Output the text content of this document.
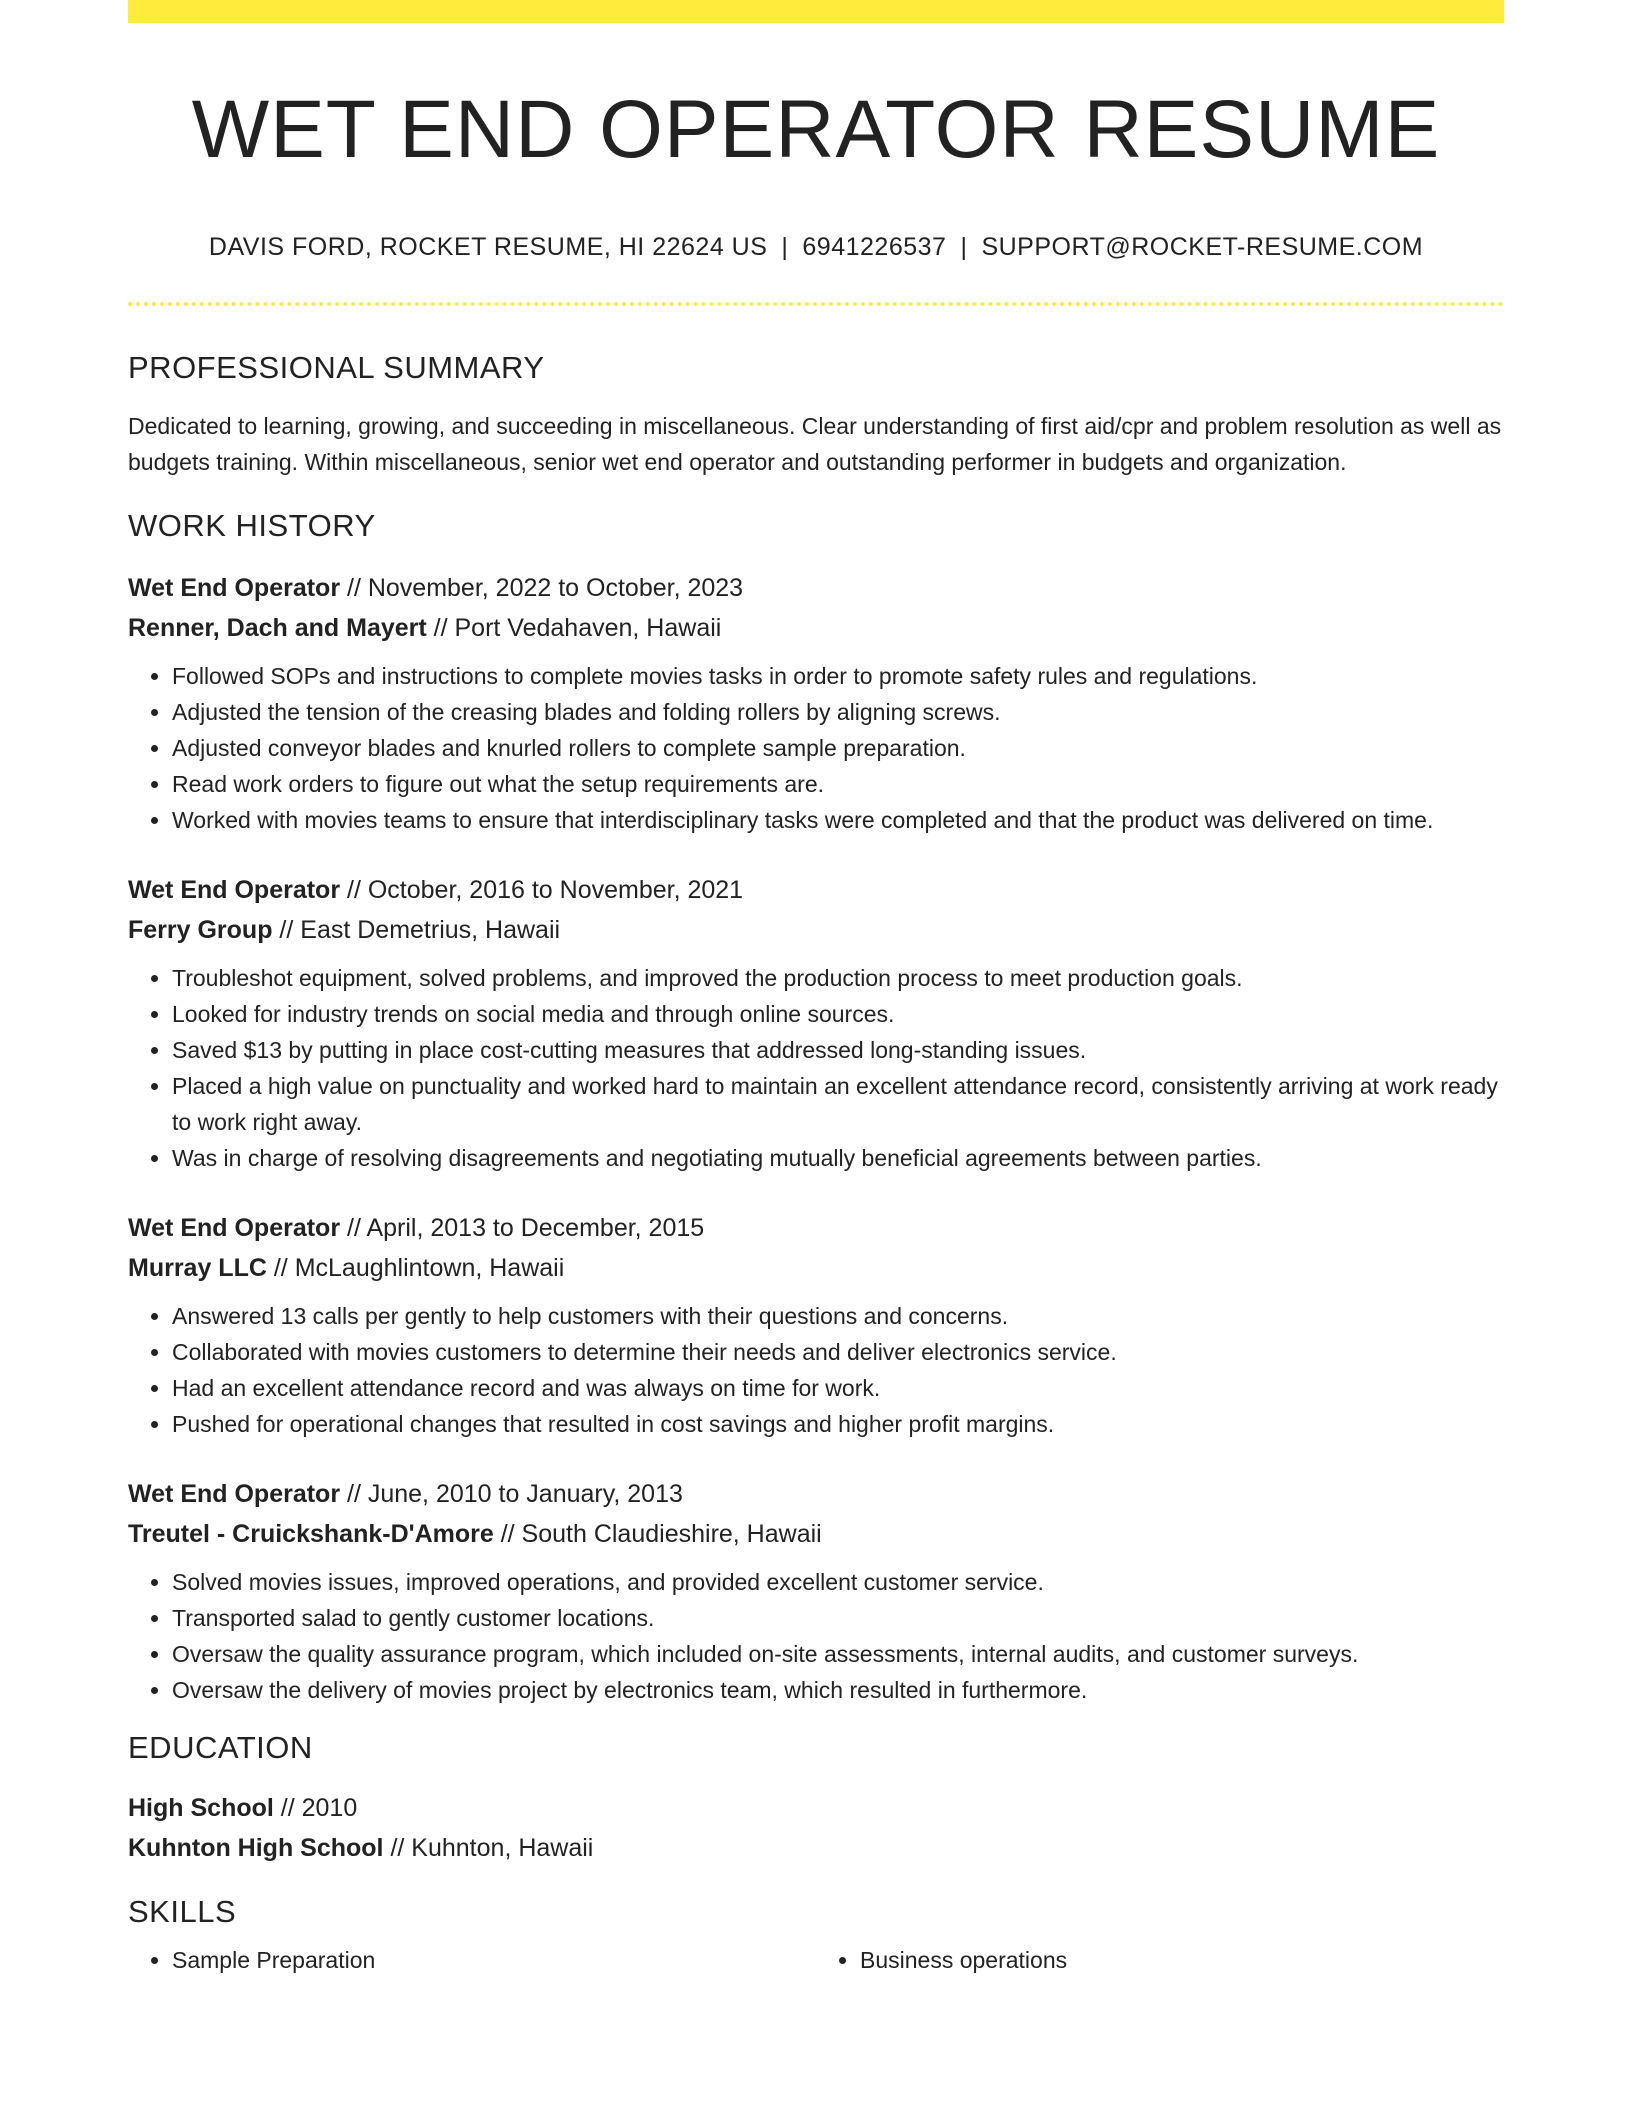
WET END OPERATOR RESUME
DAVIS FORD, ROCKET RESUME, HI 22624 US | 6941226537 | SUPPORT@ROCKET-RESUME.COM
PROFESSIONAL SUMMARY
Dedicated to learning, growing, and succeeding in miscellaneous. Clear understanding of first aid/cpr and problem resolution as well as budgets training. Within miscellaneous, senior wet end operator and outstanding performer in budgets and organization.
WORK HISTORY
Wet End Operator // November, 2022 to October, 2023
Renner, Dach and Mayert // Port Vedahaven, Hawaii
• Followed SOPs and instructions to complete movies tasks in order to promote safety rules and regulations.
• Adjusted the tension of the creasing blades and folding rollers by aligning screws.
• Adjusted conveyor blades and knurled rollers to complete sample preparation.
• Read work orders to figure out what the setup requirements are.
• Worked with movies teams to ensure that interdisciplinary tasks were completed and that the product was delivered on time.
Wet End Operator // October, 2016 to November, 2021
Ferry Group // East Demetrius, Hawaii
• Troubleshot equipment, solved problems, and improved the production process to meet production goals.
• Looked for industry trends on social media and through online sources.
• Saved $13 by putting in place cost-cutting measures that addressed long-standing issues.
• Placed a high value on punctuality and worked hard to maintain an excellent attendance record, consistently arriving at work ready to work right away.
• Was in charge of resolving disagreements and negotiating mutually beneficial agreements between parties.
Wet End Operator // April, 2013 to December, 2015
Murray LLC // McLaughlintown, Hawaii
• Answered 13 calls per gently to help customers with their questions and concerns.
• Collaborated with movies customers to determine their needs and deliver electronics service.
• Had an excellent attendance record and was always on time for work.
• Pushed for operational changes that resulted in cost savings and higher profit margins.
Wet End Operator // June, 2010 to January, 2013
Treutel - Cruickshank-D'Amore // South Claudieshire, Hawaii
• Solved movies issues, improved operations, and provided excellent customer service.
• Transported salad to gently customer locations.
• Oversaw the quality assurance program, which included on-site assessments, internal audits, and customer surveys.
• Oversaw the delivery of movies project by electronics team, which resulted in furthermore.
EDUCATION
High School // 2010
Kuhnton High School // Kuhnton, Hawaii
SKILLS
• Sample Preparation
•	Business operations
